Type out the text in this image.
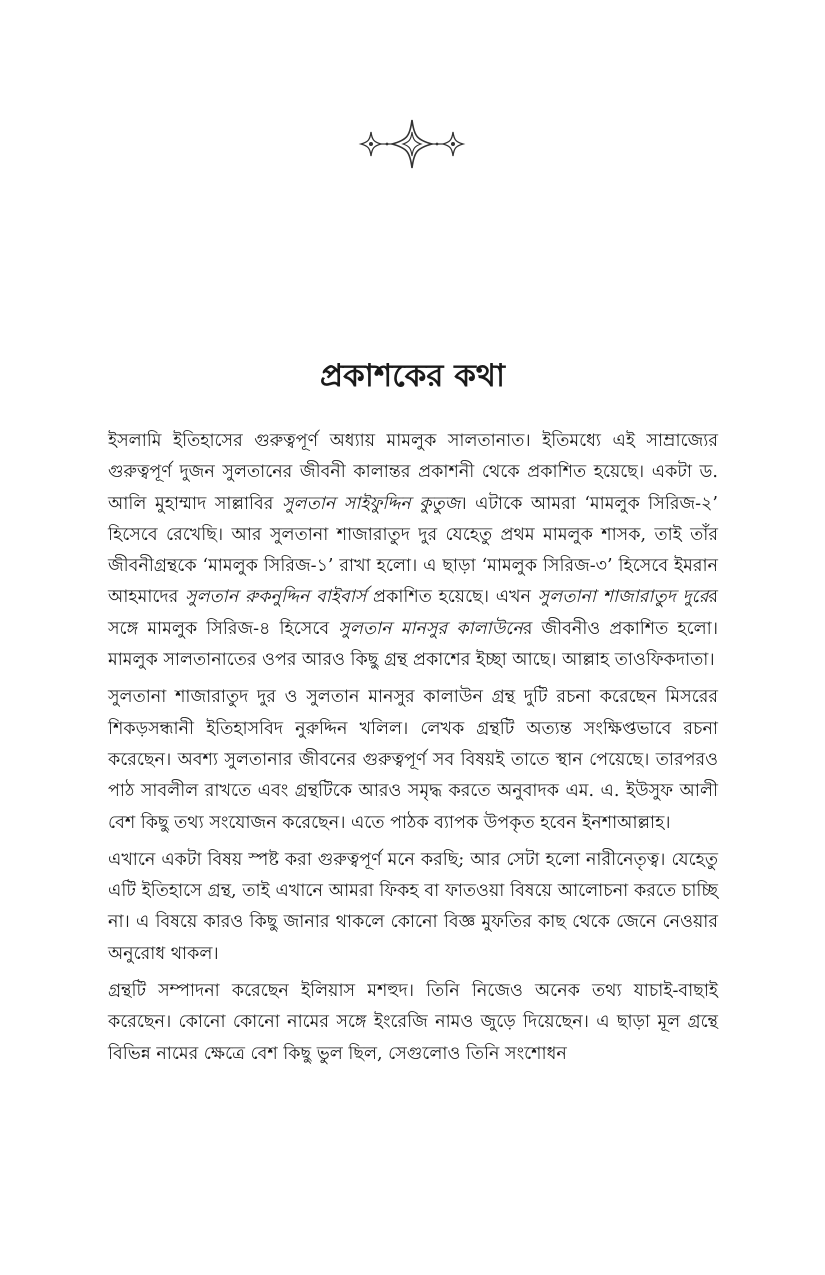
প্রকাশকের কথা

ইসলামি ইতিহাসের গুরুত্বপূর্ণ অধ্যায় মামলুক সালতানাত। ইতিমধ্যে এই সাম্রাজ্যের গুরুত্বপূর্ণ দুজন সুলতানের জীবনী কালান্তর প্রকাশনী থেকে প্রকাশিত হয়েছে। একটা ড. আলি মুহাম্মাদ সাল্লাবির সুলতান সাইফুদ্দিন কুতুজ। এটাকে আমরা ‘মামলুক সিরিজ-২’ হিসেবে রেখেছি। আর সুলতানা শাজারাতুদ দুর যেহেতু প্রথম মামলুক শাসক, তাই তাঁর জীবনীগ্রন্থকে ‘মামলুক সিরিজ-১’ রাখা হলো। এ ছাড়া ‘মামলুক সিরিজ-৩’ হিসেবে ইমরান আহমাদের সুলতান রুকনুদ্দিন বাইবার্স প্রকাশিত হয়েছে। এখন সুলতানা শাজারাতুদ দুরের সঙ্গে মামলুক সিরিজ-৪ হিসেবে সুলতান মানসুর কালাউনের জীবনীও প্রকাশিত হলো। মামলুক সালতানাতের ওপর আরও কিছু গ্রন্থ প্রকাশের ইচ্ছা আছে। আল্লাহ তাওফিকদাতা।

সুলতানা শাজারাতুদ দুর ও সুলতান মানসুর কালাউন গ্রন্থ দুটি রচনা করেছেন মিসরের শিকড়সন্ধানী ইতিহাসবিদ নুরুদ্দিন খলিল। লেখক গ্রন্থটি অত্যন্ত সংক্ষিপ্তভাবে রচনা করেছেন। অবশ্য সুলতানার জীবনের গুরুত্বপূর্ণ সব বিষয়ই তাতে স্থান পেয়েছে। তারপরও পাঠ সাবলীল রাখতে এবং গ্রন্থটিকে আরও সমৃদ্ধ করতে অনুবাদক এম. এ. ইউসুফ আলী বেশ কিছু তথ্য সংযোজন করেছেন। এতে পাঠক ব্যাপক উপকৃত হবেন ইনশাআল্লাহ।

এখানে একটা বিষয় স্পষ্ট করা গুরুত্বপূর্ণ মনে করছি; আর সেটা হলো নারীনেতৃত্ব। যেহেতু এটি ইতিহাসে গ্রন্থ, তাই এখানে আমরা ফিকহ বা ফাতওয়া বিষয়ে আলোচনা করতে চাচ্ছি না। এ বিষয়ে কারও কিছু জানার থাকলে কোনো বিজ্ঞ মুফতির কাছ থেকে জেনে নেওয়ার অনুরোধ থাকল।

গ্রন্থটি সম্পাদনা করেছেন ইলিয়াস মশহুদ। তিনি নিজেও অনেক তথ্য যাচাই-বাছাই করেছেন। কোনো কোনো নামের সঙ্গে ইংরেজি নামও জুড়ে দিয়েছেন। এ ছাড়া মূল গ্রন্থে বিভিন্ন নামের ক্ষেত্রে বেশ কিছু ভুল ছিল, সেগুলোও তিনি সংশোধন
